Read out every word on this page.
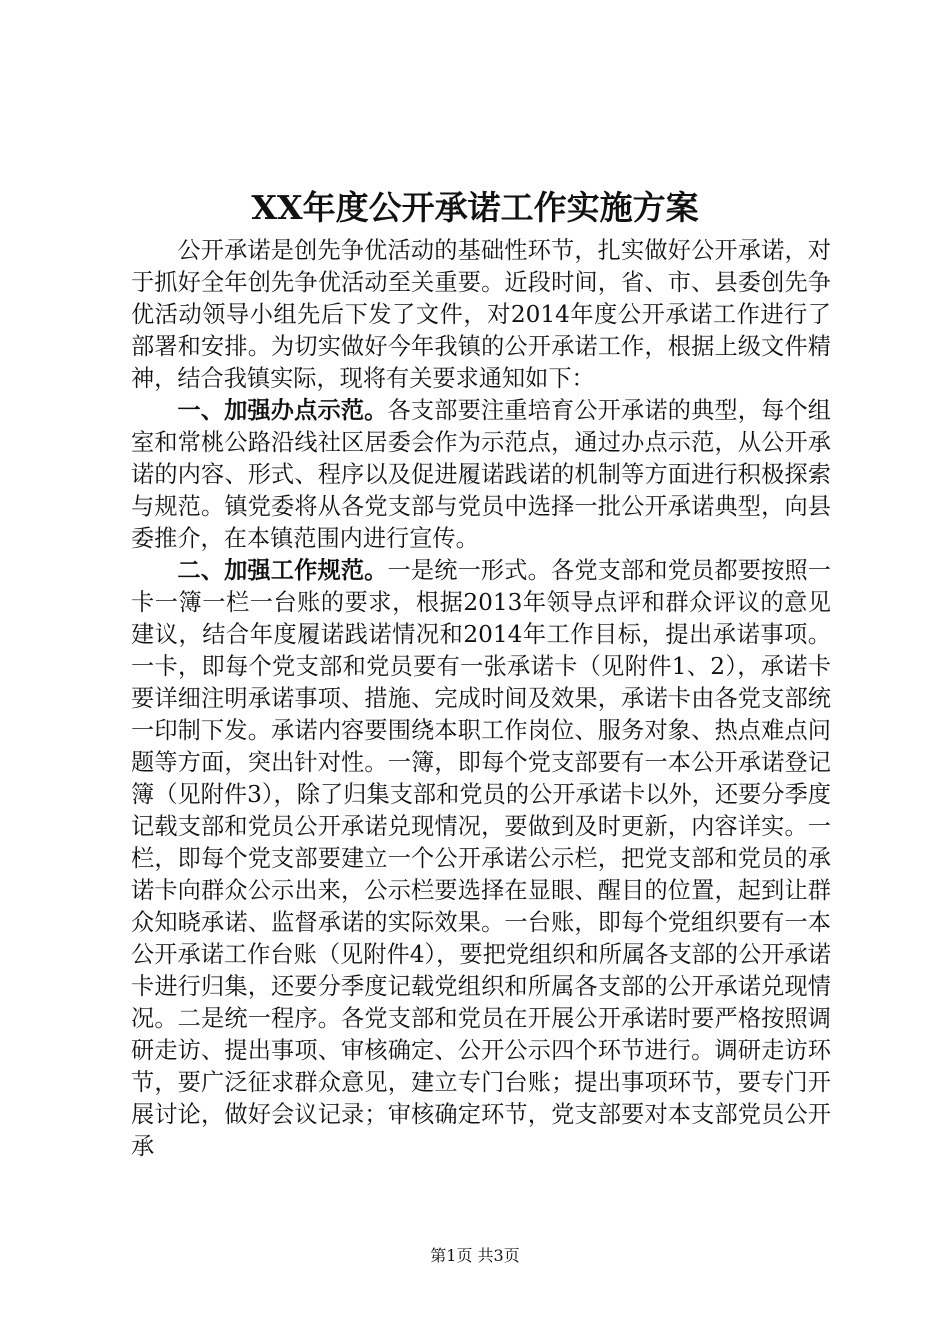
XX年度公开承诺工作实施方案

公开承诺是创先争优活动的基础性环节，扎实做好公开承诺，对于抓好全年创先争优活动至关重要。近段时间，省、市、县委创先争优活动领导小组先后下发了文件，对2014年度公开承诺工作进行了部署和安排。为切实做好今年我镇的公开承诺工作，根据上级文件精神，结合我镇实际，现将有关要求通知如下：

一、加强办点示范。各支部要注重培育公开承诺的典型，每个组室和常桃公路沿线社区居委会作为示范点，通过办点示范，从公开承诺的内容、形式、程序以及促进履诺践诺的机制等方面进行积极探索与规范。镇党委将从各党支部与党员中选择一批公开承诺典型，向县委推介，在本镇范围内进行宣传。

二、加强工作规范。一是统一形式。各党支部和党员都要按照一卡一簿一栏一台账的要求，根据2013年领导点评和群众评议的意见建议，结合年度履诺践诺情况和2014年工作目标，提出承诺事项。一卡，即每个党支部和党员要有一张承诺卡（见附件1、2），承诺卡要详细注明承诺事项、措施、完成时间及效果，承诺卡由各党支部统一印制下发。承诺内容要围绕本职工作岗位、服务对象、热点难点问题等方面，突出针对性。一簿，即每个党支部要有一本公开承诺登记簿（见附件3），除了归集支部和党员的公开承诺卡以外，还要分季度记载支部和党员公开承诺兑现情况，要做到及时更新，内容详实。一栏，即每个党支部要建立一个公开承诺公示栏，把党支部和党员的承诺卡向群众公示出来，公示栏要选择在显眼、醒目的位置，起到让群众知晓承诺、监督承诺的实际效果。一台账，即每个党组织要有一本公开承诺工作台账（见附件4），要把党组织和所属各支部的公开承诺卡进行归集，还要分季度记载党组织和所属各支部的公开承诺兑现情况。二是统一程序。各党支部和党员在开展公开承诺时要严格按照调研走访、提出事项、审核确定、公开公示四个环节进行。调研走访环节，要广泛征求群众意见，建立专门台账；提出事项环节，要专门开展讨论，做好会议记录；审核确定环节，党支部要对本支部党员公开承

第1页 共3页
